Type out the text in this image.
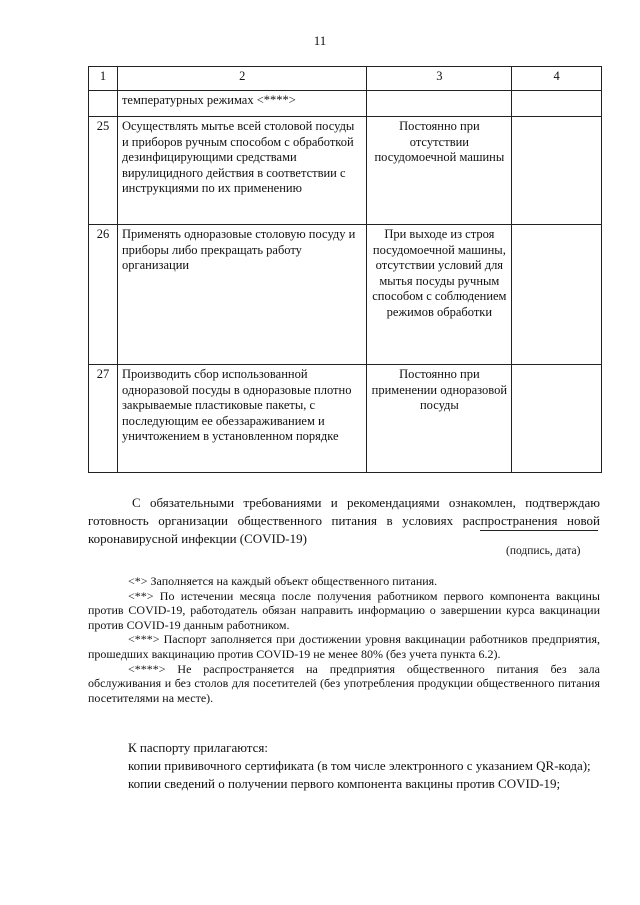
11
1	2	3	4
	температурных режимах <****>		
25	Осуществлять мытье всей столовой посуды и приборов ручным способом с обработкой дезинфицирующими средствами вирулицидного действия в соответствии с инструкциями по их применению	Постоянно при отсутствии посудомоечной машины	
26	Применять одноразовые столовую посуду и приборы либо прекращать работу организации	При выходе из строя посудомоечной машины, отсутствии условий для мытья посуды ручным способом с соблюдением режимов обработки	
27	Производить сбор использованной одноразовой посуды в одноразовые плотно закрываемые пластиковые пакеты, с последующим ее обеззараживанием и уничтожением в установленном порядке	Постоянно при применении одноразовой посуды	

С обязательными требованиями и рекомендациями ознакомлен, подтверждаю готовность организации общественного питания в условиях распространения новой коронавирусной инфекции (COVID-19)

(подпись, дата)

<*> Заполняется на каждый объект общественного питания.

<**> По истечении месяца после получения работником первого компонента вакцины против COVID-19, работодатель обязан направить информацию о завершении курса вакцинации против COVID-19 данным работником.

<***> Паспорт заполняется при достижении уровня вакцинации работников предприятия, прошедших вакцинацию против COVID-19 не менее 80% (без учета пункта 6.2).

<****> Не распространяется на предприятия общественного питания без зала обслуживания и без столов для посетителей (без употребления продукции общественного питания посетителями на месте).

К паспорту прилагаются:

копии прививочного сертификата (в том числе электронного с указанием QR-кода);

копии сведений о получении первого компонента вакцины против COVID-19;
